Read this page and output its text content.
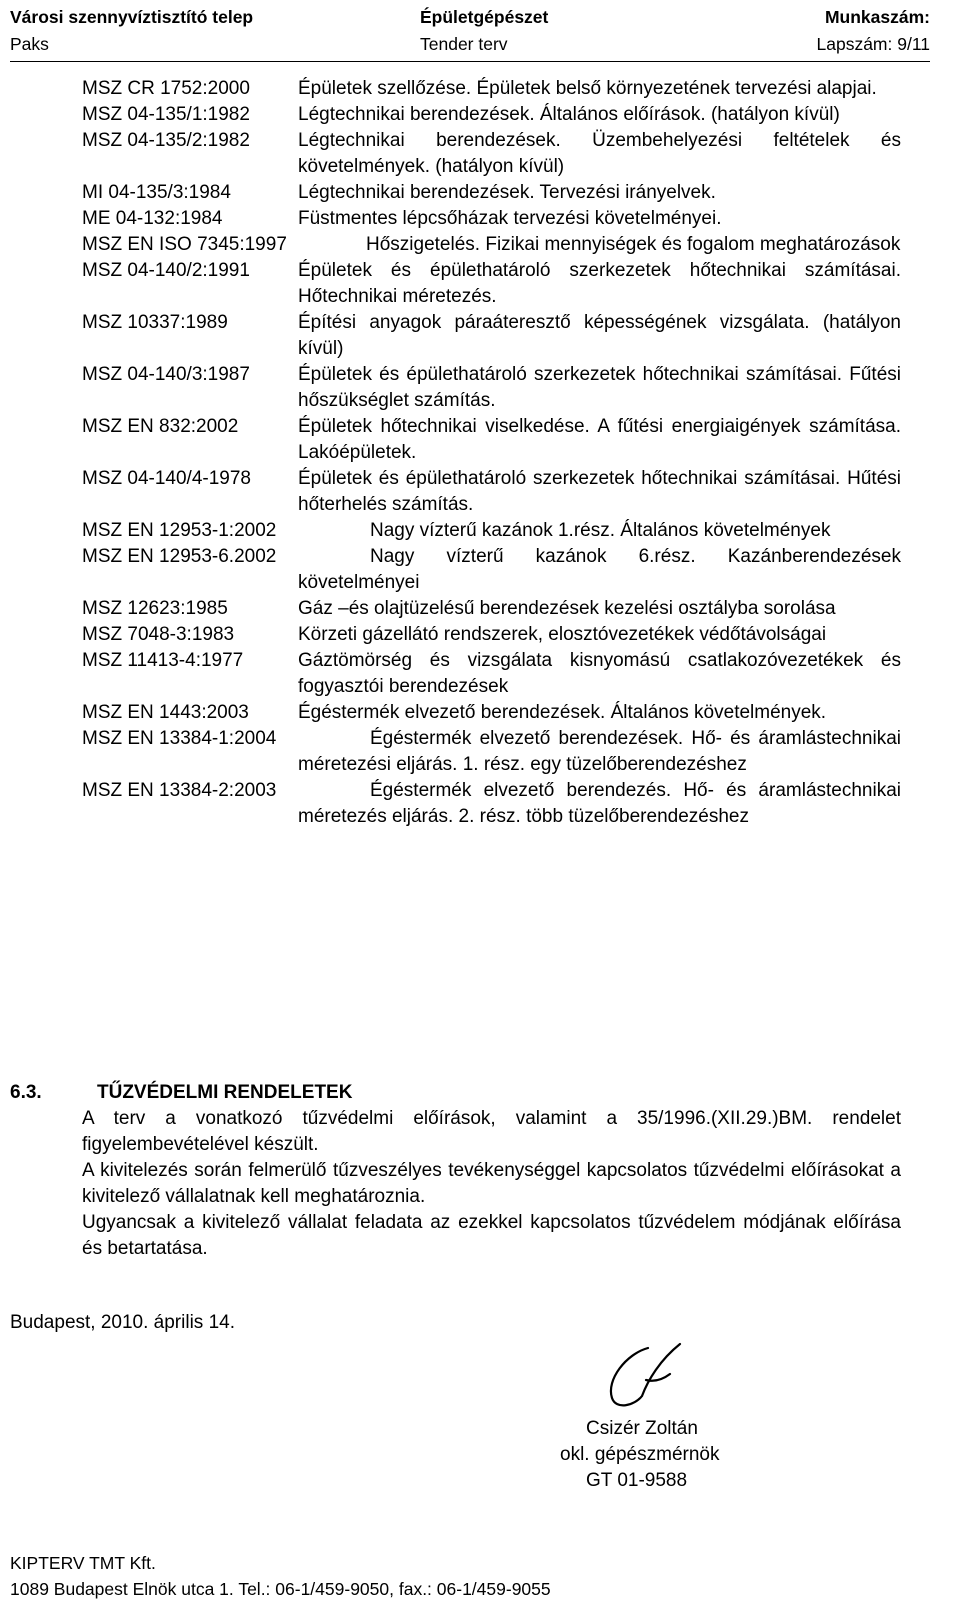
Városi szennyvíztisztító telep	Épületgépészet	Munkaszám:
Paks	Tender terv	Lapszám: 9/11
MSZ CR 1752:2000	Épületek szellőzése. Épületek belső környezetének tervezési alapjai.
MSZ 04-135/1:1982	Légtechnikai berendezések. Általános előírások. (hatályon kívül)
MSZ 04-135/2:1982	Légtechnikai berendezések. Üzembehelyezési feltételek és követelmények. (hatályon kívül)
MI 04-135/3:1984	Légtechnikai berendezések. Tervezési irányelvek.
ME 04-132:1984	Füstmentes lépcsőházak tervezési követelményei.
MSZ EN ISO 7345:1997	Hőszigetelés. Fizikai mennyiségek és fogalom meghatározások
MSZ 04-140/2:1991	Épületek és épülethatároló szerkezetek hőtechnikai számításai. Hőtechnikai méretezés.
MSZ 10337:1989	Építési anyagok páraáteresztő képességének vizsgálata. (hatályon kívül)
MSZ 04-140/3:1987	Épületek és épülethatároló szerkezetek hőtechnikai számításai. Fűtési hőszükséglet számítás.
MSZ EN 832:2002	Épületek hőtechnikai viselkedése. A fűtési energiaigények számítása. Lakóépületek.
MSZ 04-140/4-1978	Épületek és épülethatároló szerkezetek hőtechnikai számításai. Hűtési hőterhelés számítás.
MSZ EN 12953-1:2002	Nagy vízterű kazánok 1.rész. Általános követelmények
MSZ EN 12953-6.2002	Nagy vízterű kazánok 6.rész. Kazánberendezések követelményei
MSZ 12623:1985	Gáz –és olajtüzelésű berendezések kezelési osztályba sorolása
MSZ 7048-3:1983	Körzeti gázellátó rendszerek, elosztóvezetékek védőtávolságai
MSZ 11413-4:1977	Gáztömörség és vizsgálata kisnyomású csatlakozóvezetékek és fogyasztói berendezések
MSZ EN 1443:2003	Égéstermék elvezető berendezések. Általános követelmények.
MSZ EN 13384-1:2004	Égéstermék elvezető berendezések. Hő- és áramlástechnikai méretezési eljárás. 1. rész. egy tüzelőberendezéshez
MSZ EN 13384-2:2003	Égéstermék elvezető berendezés. Hő- és áramlástechnikai méretezés eljárás. 2. rész. több tüzelőberendezéshez
6.3.	TŰZVÉDELMI RENDELETEK

A terv a vonatkozó tűzvédelmi előírások, valamint a 35/1996.(XII.29.)BM. rendelet figyelembevételével készült.

A kivitelezés során felmerülő tűzveszélyes tevékenységgel kapcsolatos tűzvédelmi előírásokat a kivitelező vállalatnak kell meghatároznia.

Ugyancsak a kivitelező vállalat feladata az ezekkel kapcsolatos tűzvédelem módjának előírása és betartatása.

Budapest, 2010. április 14.
Csizér Zoltán
okl. gépészmérnök
GT 01-9588
KIPTERV TMT Kft.
1089 Budapest Elnök utca 1. Tel.: 06-1/459-9050, fax.: 06-1/459-9055
